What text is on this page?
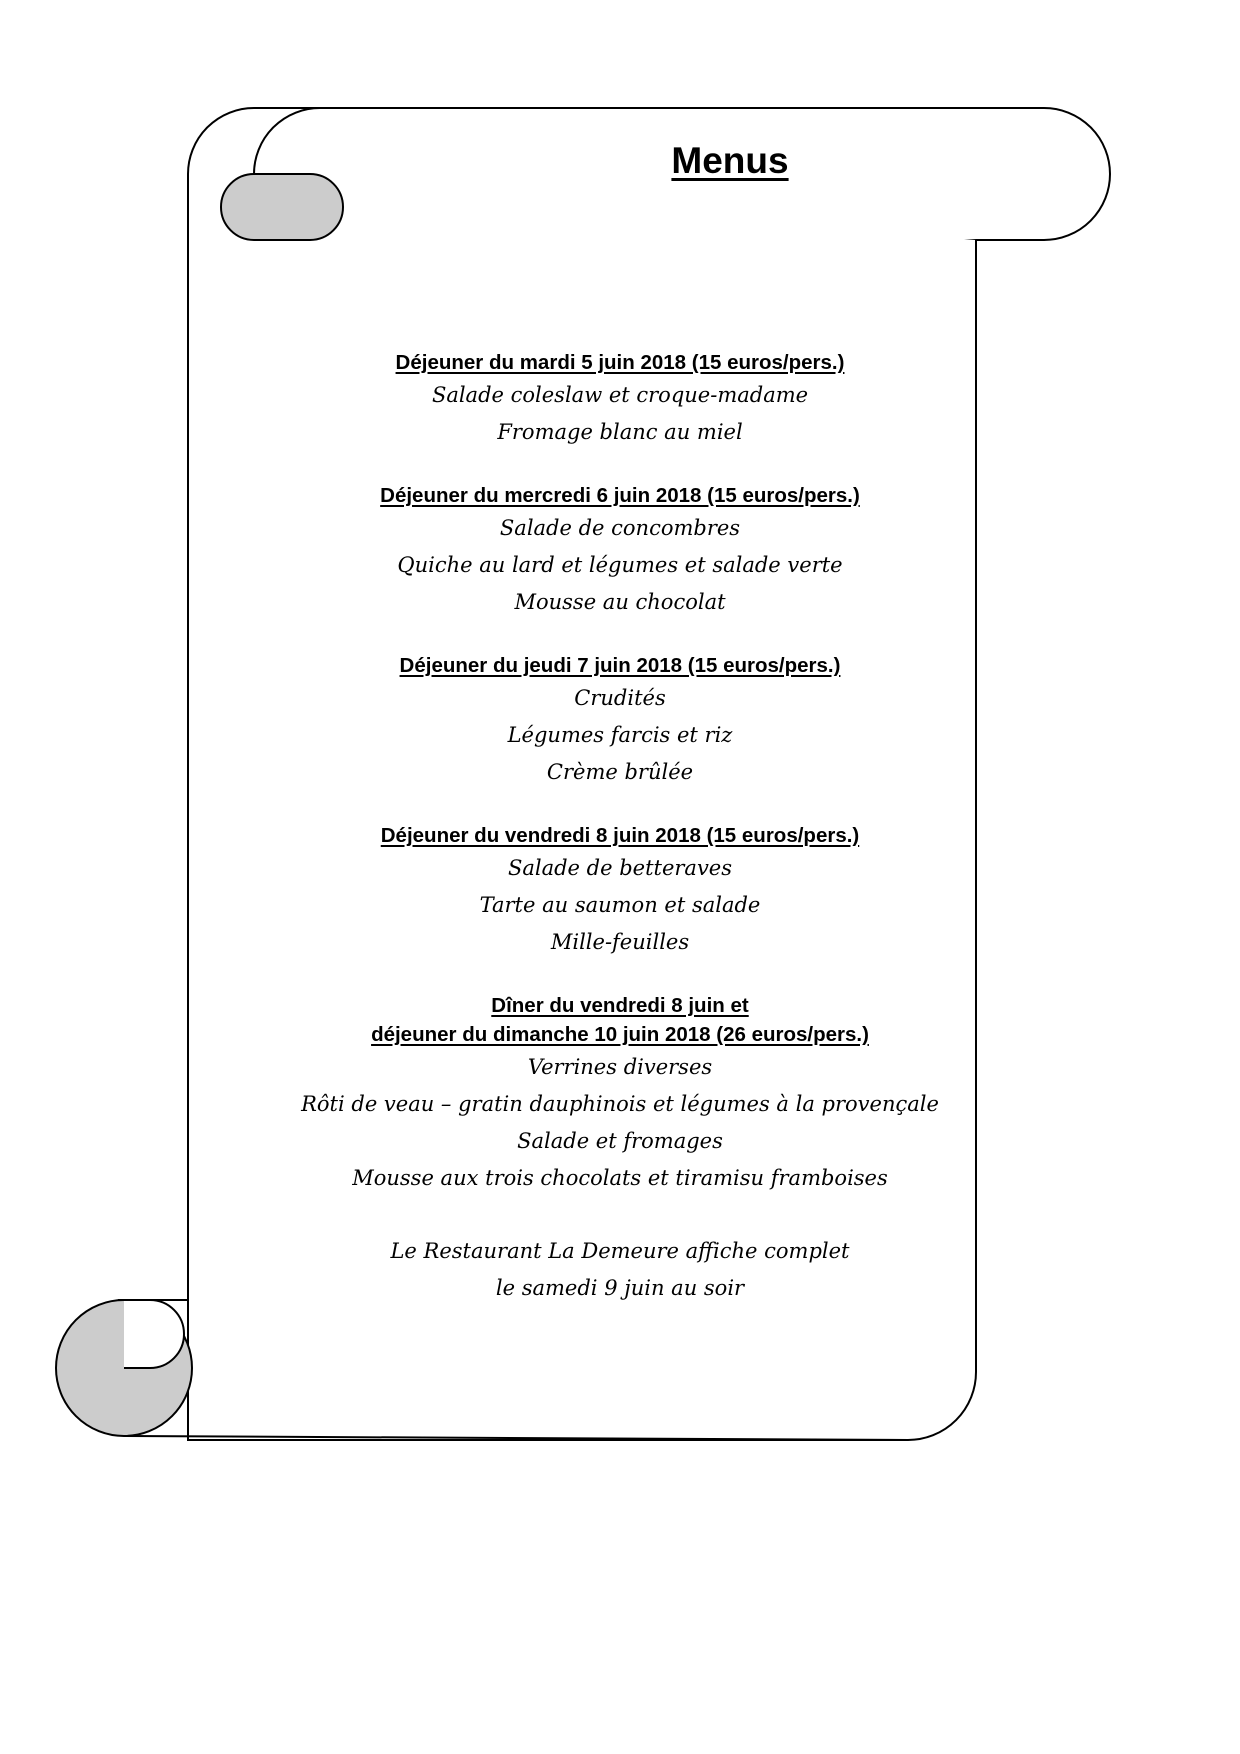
Menus
Déjeuner du mardi 5 juin 2018 (15 euros/pers.)
Salade coleslaw et croque-madame
Fromage blanc au miel
Déjeuner du mercredi 6 juin 2018 (15 euros/pers.)
Salade de concombres
Quiche au lard et légumes et salade verte
Mousse au chocolat
Déjeuner du jeudi 7 juin 2018 (15 euros/pers.)
Crudités
Légumes farcis et riz
Crème brûlée
Déjeuner du vendredi 8 juin 2018 (15 euros/pers.)
Salade de betteraves
Tarte au saumon et salade
Mille-feuilles
Dîner du vendredi 8 juin et
déjeuner du dimanche 10 juin 2018 (26 euros/pers.)
Verrines diverses
Rôti de veau – gratin dauphinois et légumes à la provençale
Salade et fromages
Mousse aux trois chocolats et tiramisu framboises
Le Restaurant La Demeure affiche complet
le samedi 9 juin au soir
